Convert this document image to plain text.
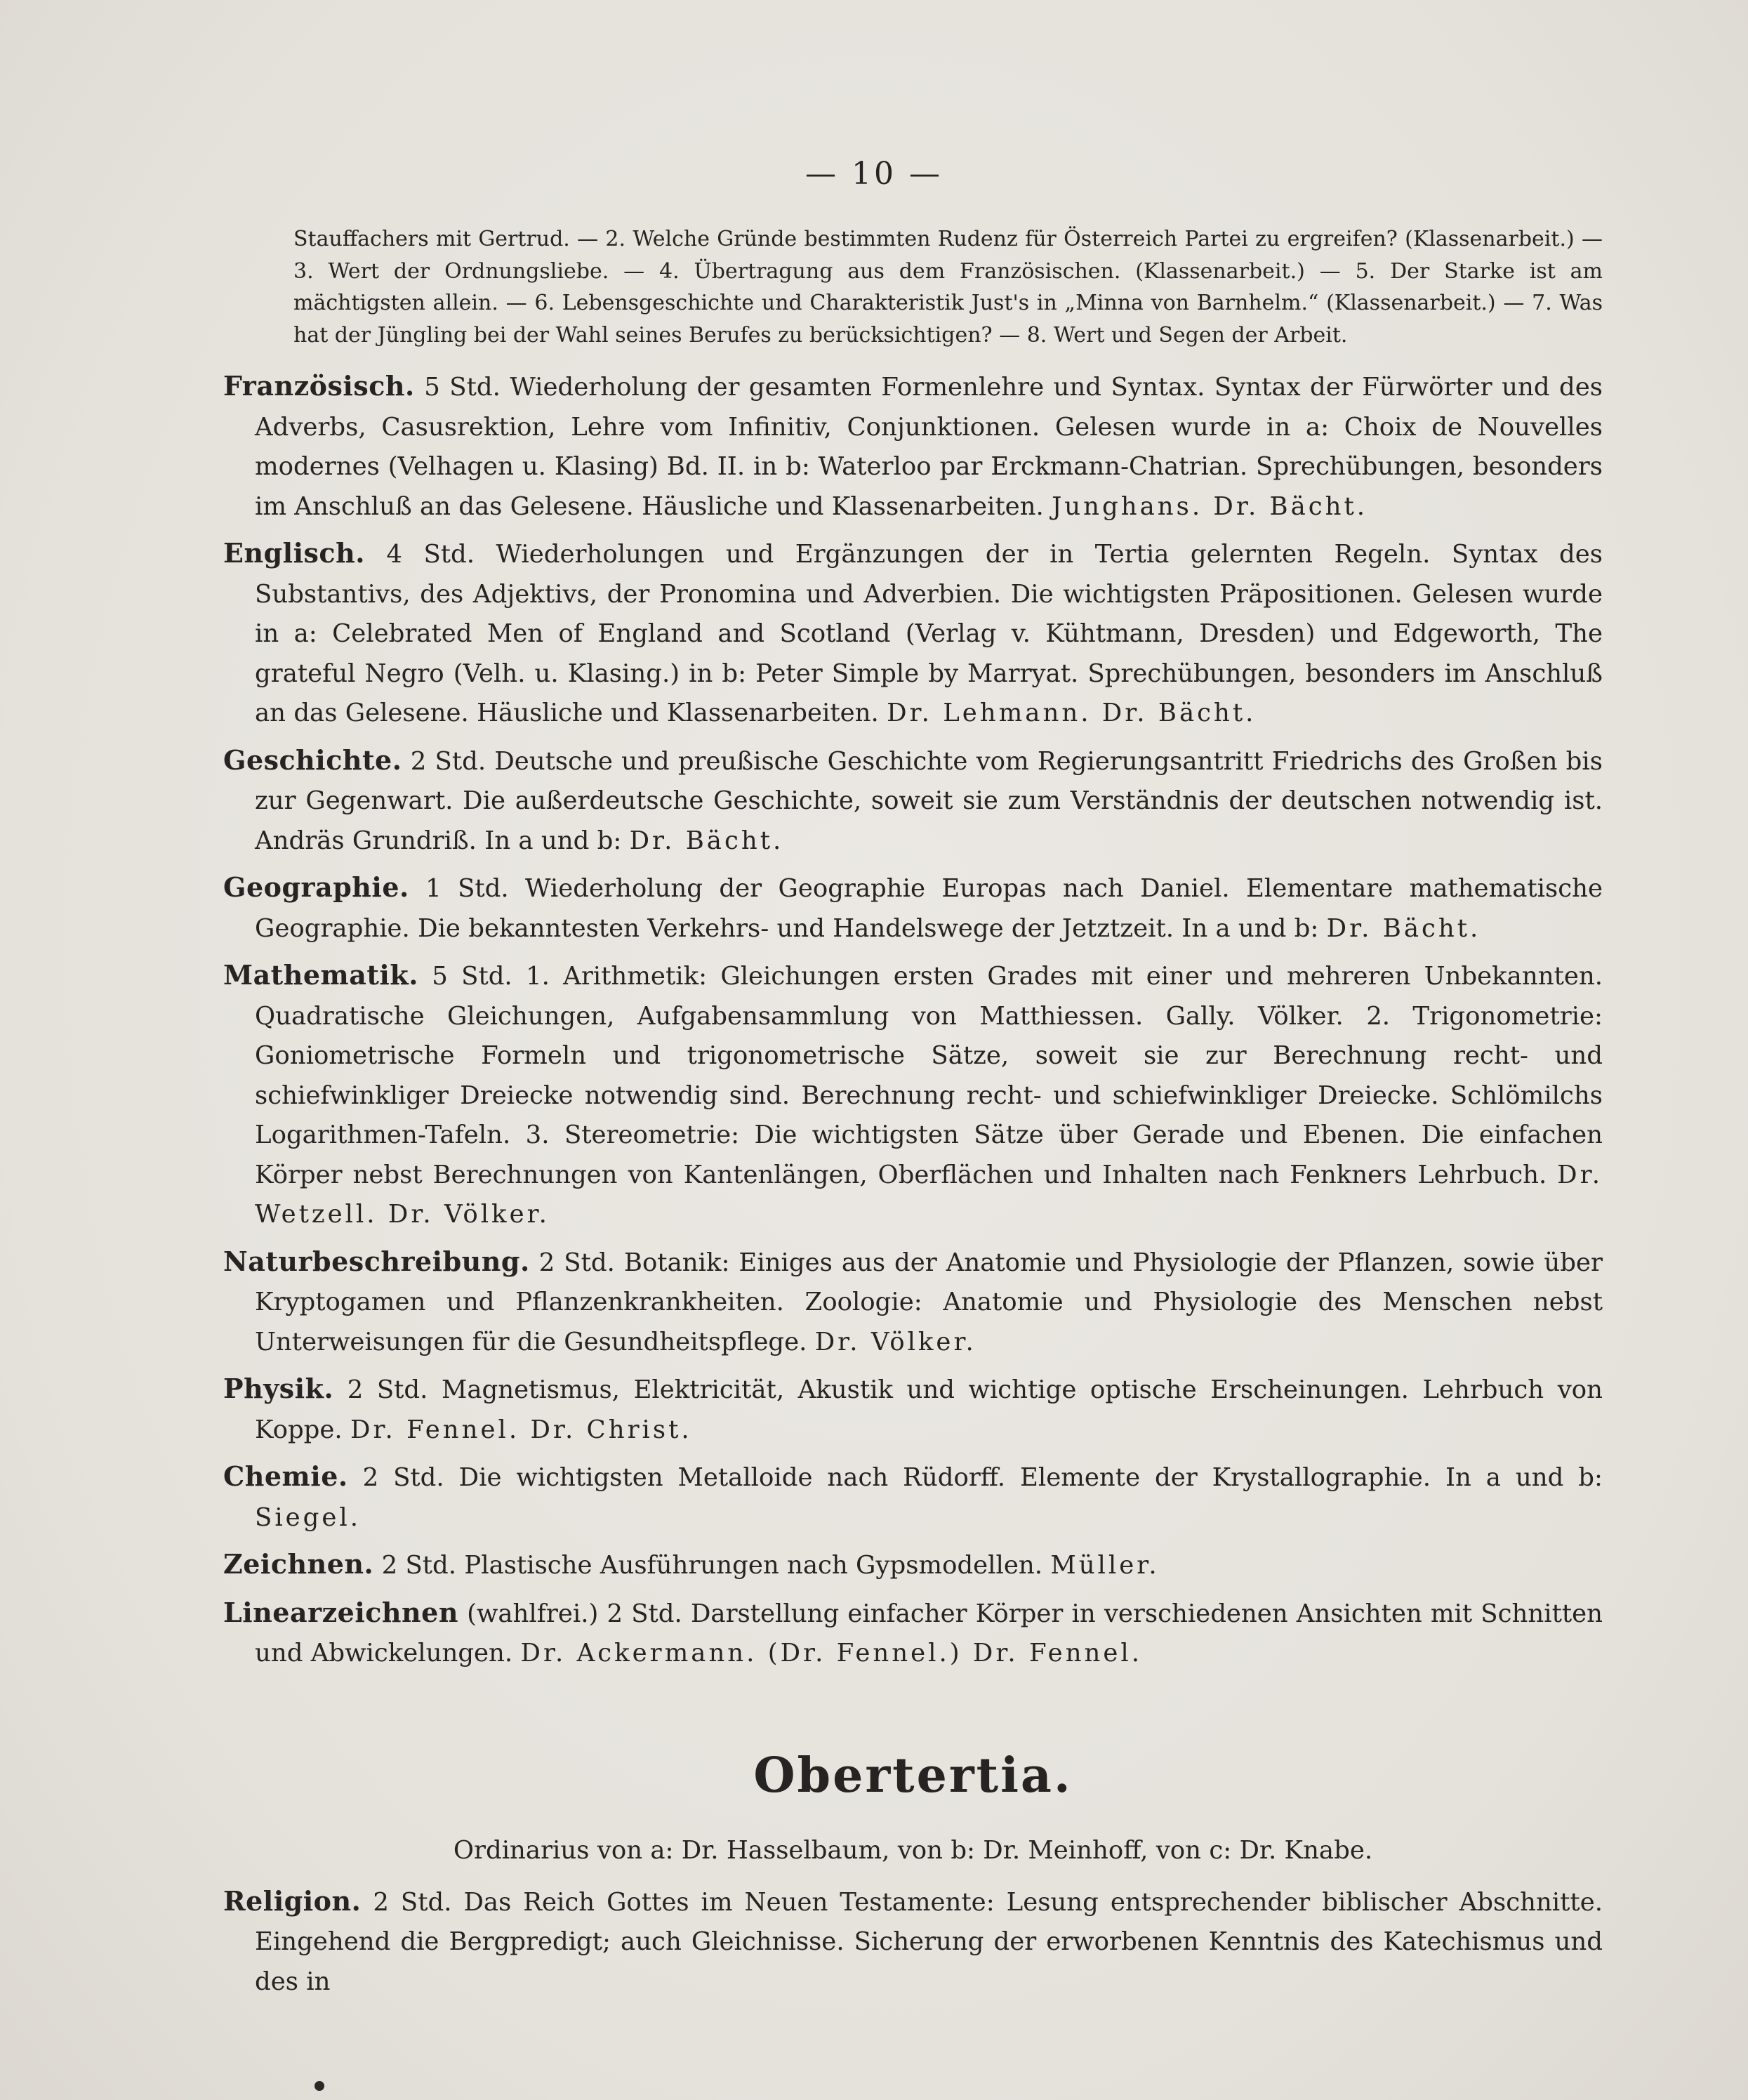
— 10 —

Stauffachers mit Gertrud. — 2. Welche Gründe bestimmten Rudenz für Österreich Partei zu ergreifen? (Klassenarbeit.) — 3. Wert der Ordnungsliebe. — 4. Übertragung aus dem Französischen. (Klassenarbeit.) — 5. Der Starke ist am mächtigsten allein. — 6. Lebensgeschichte und Charakteristik Just's in „Minna von Barnhelm.“ (Klassenarbeit.) — 7. Was hat der Jüngling bei der Wahl seines Berufes zu berücksichtigen? — 8. Wert und Segen der Arbeit.

Französisch. 5 Std. Wiederholung der gesamten Formenlehre und Syntax. Syntax der Fürwörter und des Adverbs, Casusrektion, Lehre vom Infinitiv, Conjunktionen. Gelesen wurde in a: Choix de Nouvelles modernes (Velhagen u. Klasing) Bd. II. in b: Waterloo par Erckmann-Chatrian. Sprechübungen, besonders im Anschluß an das Gelesene. Häusliche und Klassenarbeiten. Junghans. Dr. Bächt.

Englisch. 4 Std. Wiederholungen und Ergänzungen der in Tertia gelernten Regeln. Syntax des Substantivs, des Adjektivs, der Pronomina und Adverbien. Die wichtigsten Präpositionen. Gelesen wurde in a: Celebrated Men of England and Scotland (Verlag v. Kühtmann, Dresden) und Edgeworth, The grateful Negro (Velh. u. Klasing.) in b: Peter Simple by Marryat. Sprechübungen, besonders im Anschluß an das Gelesene. Häusliche und Klassenarbeiten. Dr. Lehmann. Dr. Bächt.

Geschichte. 2 Std. Deutsche und preußische Geschichte vom Regierungsantritt Friedrichs des Großen bis zur Gegenwart. Die außerdeutsche Geschichte, soweit sie zum Verständnis der deutschen notwendig ist. Andräs Grundriß. In a und b: Dr. Bächt.

Geographie. 1 Std. Wiederholung der Geographie Europas nach Daniel. Elementare mathematische Geographie. Die bekanntesten Verkehrs- und Handelswege der Jetztzeit. In a und b: Dr. Bächt.

Mathematik. 5 Std. 1. Arithmetik: Gleichungen ersten Grades mit einer und mehreren Unbekannten. Quadratische Gleichungen, Aufgabensammlung von Matthiessen. Gally. Völker. 2. Trigonometrie: Goniometrische Formeln und trigonometrische Sätze, soweit sie zur Berechnung recht- und schiefwinkliger Dreiecke notwendig sind. Berechnung recht- und schiefwinkliger Dreiecke. Schlömilchs Logarithmen-Tafeln. 3. Stereometrie: Die wichtigsten Sätze über Gerade und Ebenen. Die einfachen Körper nebst Berechnungen von Kantenlängen, Oberflächen und Inhalten nach Fenkners Lehrbuch. Dr. Wetzell. Dr. Völker.

Naturbeschreibung. 2 Std. Botanik: Einiges aus der Anatomie und Physiologie der Pflanzen, sowie über Kryptogamen und Pflanzenkrankheiten. Zoologie: Anatomie und Physiologie des Menschen nebst Unterweisungen für die Gesundheitspflege. Dr. Völker.

Physik. 2 Std. Magnetismus, Elektricität, Akustik und wichtige optische Erscheinungen. Lehrbuch von Koppe. Dr. Fennel. Dr. Christ.

Chemie. 2 Std. Die wichtigsten Metalloide nach Rüdorff. Elemente der Krystallographie. In a und b: Siegel.

Zeichnen. 2 Std. Plastische Ausführungen nach Gypsmodellen. Müller.

Linearzeichnen (wahlfrei.) 2 Std. Darstellung einfacher Körper in verschiedenen Ansichten mit Schnitten und Abwickelungen. Dr. Ackermann. (Dr. Fennel.) Dr. Fennel.

Obertertia.
Ordinarius von a: Dr. Hasselbaum, von b: Dr. Meinhoff, von c: Dr. Knabe.

Religion. 2 Std. Das Reich Gottes im Neuen Testamente: Lesung entsprechender biblischer Abschnitte. Eingehend die Bergpredigt; auch Gleichnisse. Sicherung der erworbenen Kenntnis des Katechismus und des in
